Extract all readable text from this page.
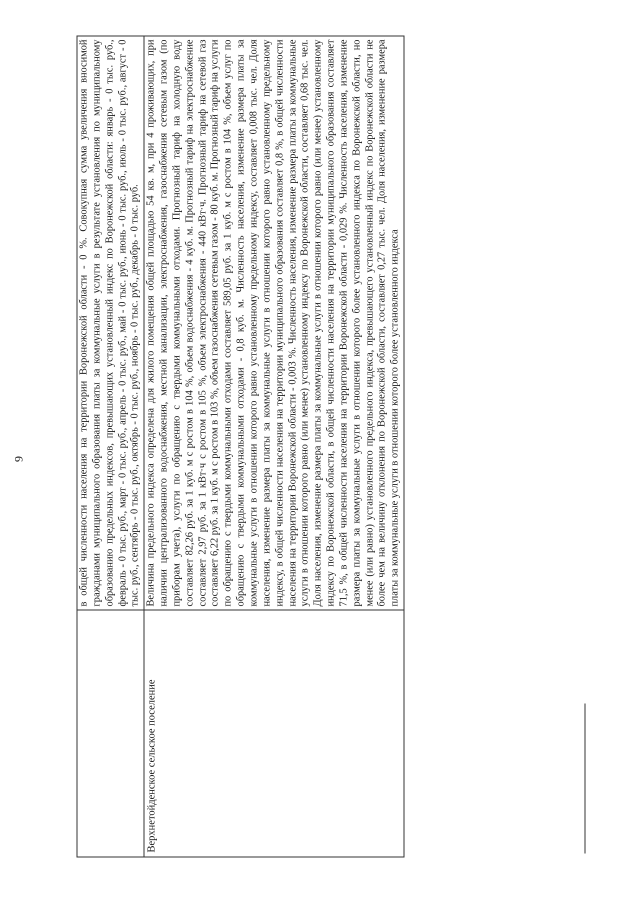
9

	в общей численности населения на территории Воронежской области - 0 %. Совокупная сумма увеличения вносимой гражданами муниципального образования платы за коммунальные услуги в результате установления по муниципальному образованию предельных индексов, превышающих установленный индекс по Воронежской области: январь - 0 тыс. руб., февраль - 0 тыс. руб., март - 0 тыс. руб., апрель - 0 тыс. руб., май - 0 тыс. руб., июнь - 0 тыс. руб., июль - 0 тыс. руб., август - 0 тыс. руб., сентябрь - 0 тыс. руб., октябрь - 0 тыс. руб., ноябрь - 0 тыс. руб., декабрь - 0 тыс. руб.

Верхнетойденское сельское поселение	Величина предельного индекса определена для жилого помещения общей площадью 54 кв. м, при 4 проживающих, при наличии централизованного водоснабжения, местной канализации, электроснабжения, газоснабжения сетевым газом (по приборам учета), услуги по обращению с твердыми коммунальными отходами. Прогнозный тариф на холодную воду составляет 82,26 руб. за 1 куб. м с ростом в 104 %, объем водоснабжения - 4 куб. м. Прогнозный тариф на электроснабжение составляет 2,97 руб. за 1 кВт·ч с ростом в 105 %, объем электроснабжения - 440 кВт·ч. Прогнозный тариф на сетевой газ составляет 6,22 руб. за 1 куб. м с ростом в 103 %, объем газоснабжения сетевым газом - 80 куб. м. Прогнозный тариф на услуги по обращению с твердыми коммунальными отходами составляет 589,05 руб. за 1 куб. м с ростом в 104 %, объем услуг по обращению с твердыми коммунальными отходами - 0,8 куб. м. Численность населения, изменение размера платы за коммунальные услуги в отношении которого равно установленному предельному индексу, составляет 0,008 тыс. чел. Доля населения, изменение размера платы за коммунальные услуги в отношении которого равно установленному предельному индексу, в общей численности населения на территории муниципального образования составляет 0,8 %, в общей численности населения на территории Воронежской области - 0,003 %. Численность населения, изменение размера платы за коммунальные услуги в отношении которого равно (или менее) установленному индексу по Воронежской области, составляет 0,68 тыс. чел. Доля населения, изменение размера платы за коммунальные услуги в отношении которого равно (или менее) установленному индексу по Воронежской области, в общей численности населения на территории муниципального образования составляет 71,5 %, в общей численности населения на территории Воронежской области - 0,029 %. Численность населения, изменение размера платы за коммунальные услуги в отношении которого более установленного индекса по Воронежской области, но менее (или равно) установленного предельного индекса, превышающего установленный индекс по Воронежской области не более чем на величину отклонения по Воронежской области, составляет 0,27 тыс. чел. Доля населения, изменение размера платы за коммунальные услуги в отношении которого более установленного индекса
